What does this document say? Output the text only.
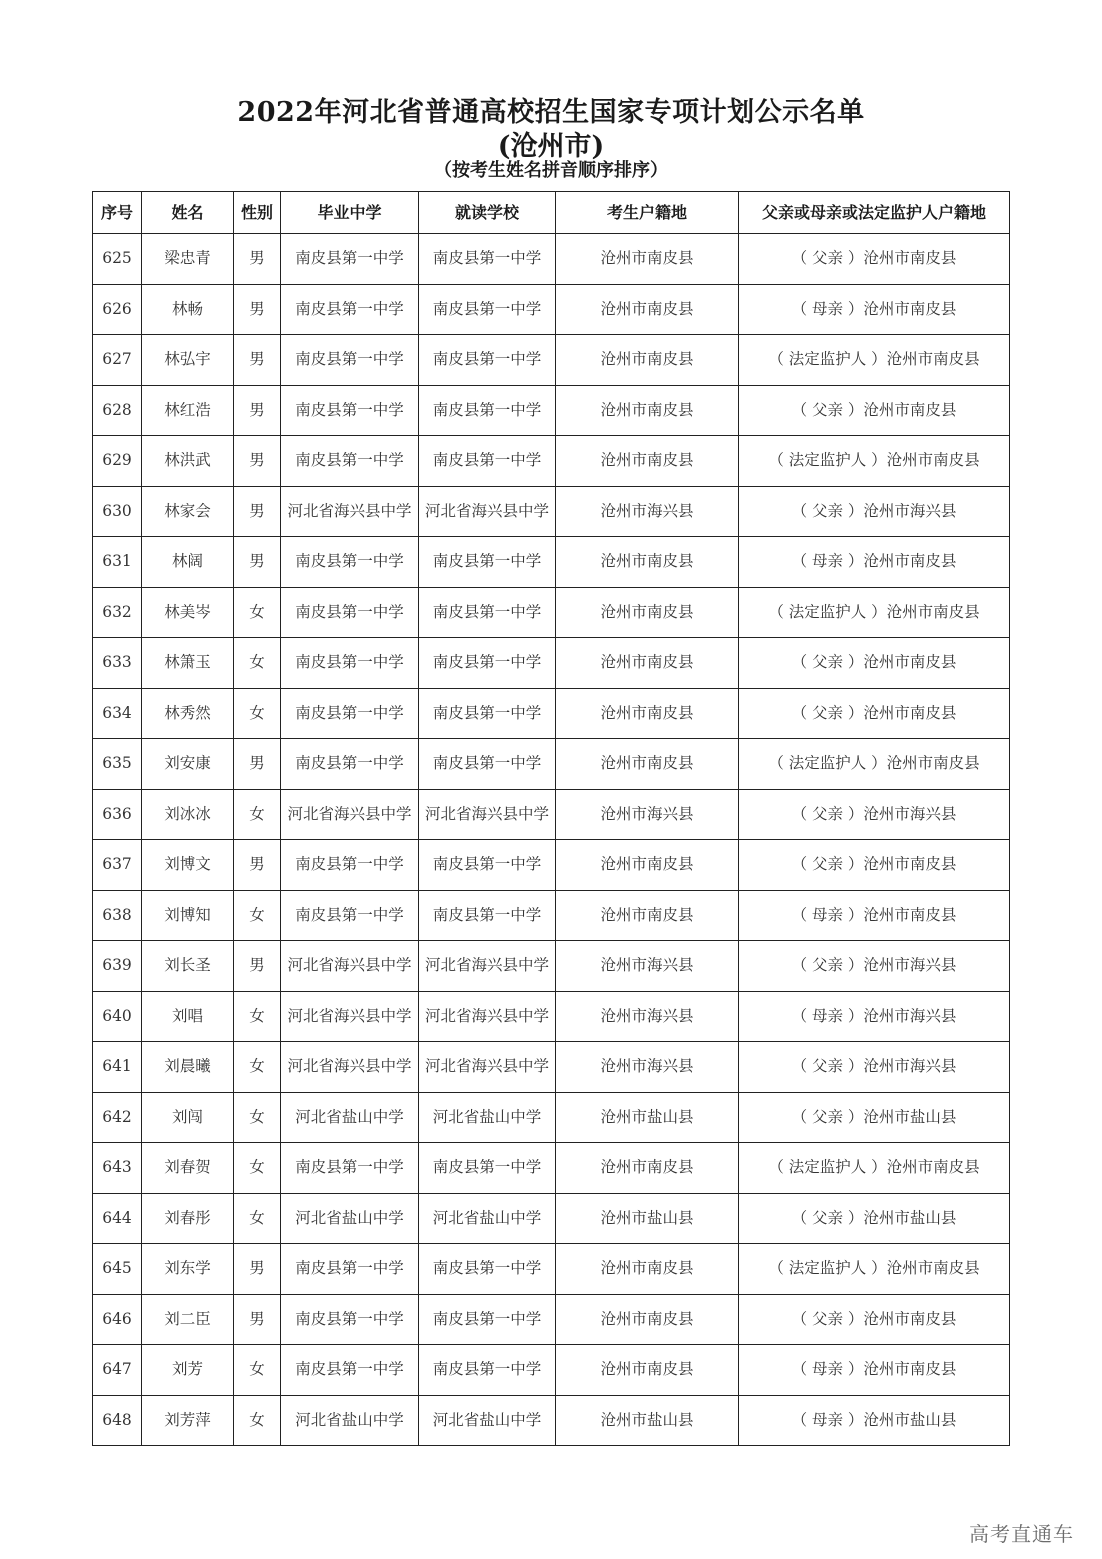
2022年河北省普通高校招生国家专项计划公示名单
(沧州市)
（按考生姓名拼音顺序排序）
序号	姓名	性别	毕业中学	就读学校	考生户籍地	父亲或母亲或法定监护人户籍地
625	梁忠青	男	南皮县第一中学	南皮县第一中学	沧州市南皮县	（ 父亲 ）沧州市南皮县
626	林畅	男	南皮县第一中学	南皮县第一中学	沧州市南皮县	（ 母亲 ）沧州市南皮县
627	林弘宇	男	南皮县第一中学	南皮县第一中学	沧州市南皮县	（ 法定监护人 ）沧州市南皮县
628	林红浩	男	南皮县第一中学	南皮县第一中学	沧州市南皮县	（ 父亲 ）沧州市南皮县
629	林洪武	男	南皮县第一中学	南皮县第一中学	沧州市南皮县	（ 法定监护人 ）沧州市南皮县
630	林家会	男	河北省海兴县中学	河北省海兴县中学	沧州市海兴县	（ 父亲 ）沧州市海兴县
631	林阔	男	南皮县第一中学	南皮县第一中学	沧州市南皮县	（ 母亲 ）沧州市南皮县
632	林美岑	女	南皮县第一中学	南皮县第一中学	沧州市南皮县	（ 法定监护人 ）沧州市南皮县
633	林箫玉	女	南皮县第一中学	南皮县第一中学	沧州市南皮县	（ 父亲 ）沧州市南皮县
634	林秀然	女	南皮县第一中学	南皮县第一中学	沧州市南皮县	（ 父亲 ）沧州市南皮县
635	刘安康	男	南皮县第一中学	南皮县第一中学	沧州市南皮县	（ 法定监护人 ）沧州市南皮县
636	刘冰冰	女	河北省海兴县中学	河北省海兴县中学	沧州市海兴县	（ 父亲 ）沧州市海兴县
637	刘博文	男	南皮县第一中学	南皮县第一中学	沧州市南皮县	（ 父亲 ）沧州市南皮县
638	刘博知	女	南皮县第一中学	南皮县第一中学	沧州市南皮县	（ 母亲 ）沧州市南皮县
639	刘长圣	男	河北省海兴县中学	河北省海兴县中学	沧州市海兴县	（ 父亲 ）沧州市海兴县
640	刘唱	女	河北省海兴县中学	河北省海兴县中学	沧州市海兴县	（ 母亲 ）沧州市海兴县
641	刘晨曦	女	河北省海兴县中学	河北省海兴县中学	沧州市海兴县	（ 父亲 ）沧州市海兴县
642	刘闯	女	河北省盐山中学	河北省盐山中学	沧州市盐山县	（ 父亲 ）沧州市盐山县
643	刘春贺	女	南皮县第一中学	南皮县第一中学	沧州市南皮县	（ 法定监护人 ）沧州市南皮县
644	刘春彤	女	河北省盐山中学	河北省盐山中学	沧州市盐山县	（ 父亲 ）沧州市盐山县
645	刘东学	男	南皮县第一中学	南皮县第一中学	沧州市南皮县	（ 法定监护人 ）沧州市南皮县
646	刘二臣	男	南皮县第一中学	南皮县第一中学	沧州市南皮县	（ 父亲 ）沧州市南皮县
647	刘芳	女	南皮县第一中学	南皮县第一中学	沧州市南皮县	（ 母亲 ）沧州市南皮县
648	刘芳萍	女	河北省盐山中学	河北省盐山中学	沧州市盐山县	（ 母亲 ）沧州市盐山县
高考直通车
